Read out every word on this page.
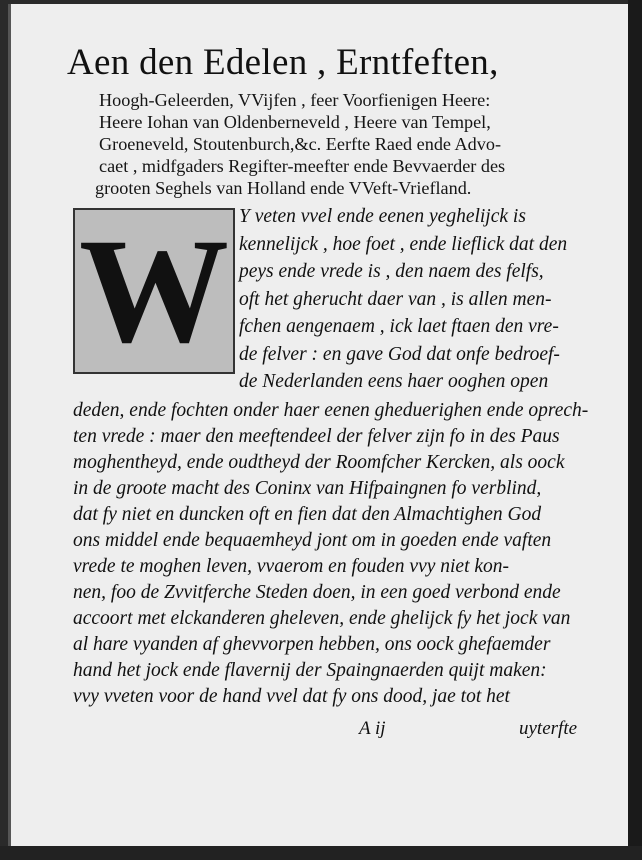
Aen den Edelen , Erntfeften,
Hoogh-Geleerden, VVijfen , feer Voorfienigen Heere:
Heere Iohan van Oldenberneveld , Heere van Tempel,
Groeneveld, Stoutenburch,&c. Eerfte Raed ende Advo-
caet , midfgaders Regifter-meefter ende Bevvaerder des
grooten Seghels van Holland ende VVeft-Vriefland.
W Y veten vvel ende eenen yeghelijck is
kennelijck , hoe foet , ende lieflick dat den
peys ende vrede is , den naem des felfs,
oft het gherucht daer van , is allen men-
fchen aengenaem , ick laet ftaen den vre-
de felver : en gave God dat onfe bedroef-
de Nederlanden eens haer ooghen open
deden, ende fochten onder haer eenen gheduerighen ende oprech-
ten vrede : maer den meeftendeel der felver zijn fo in des Paus
moghentheyd, ende oudtheyd der Roomfcher Kercken, als oock
in de groote macht des Coninx van Hifpaingnen fo verblind,
dat fy niet en duncken oft en fien dat den Almachtighen God
ons middel ende bequaemheyd jont om in goeden ende vaften
vrede te moghen leven, vvaerom en fouden vvy niet kon-
nen, foo de Zvvitferche Steden doen, in een goed verbond ende
accoort met elckanderen gheleven, ende ghelijck fy het jock van
al hare vyanden af ghevvorpen hebben, ons oock ghefaemder
hand het jock ende flavernij der Spaingnaerden quijt maken:
vvy vveten voor de hand vvel dat fy ons dood, jae tot het
A ij	uyterfte
